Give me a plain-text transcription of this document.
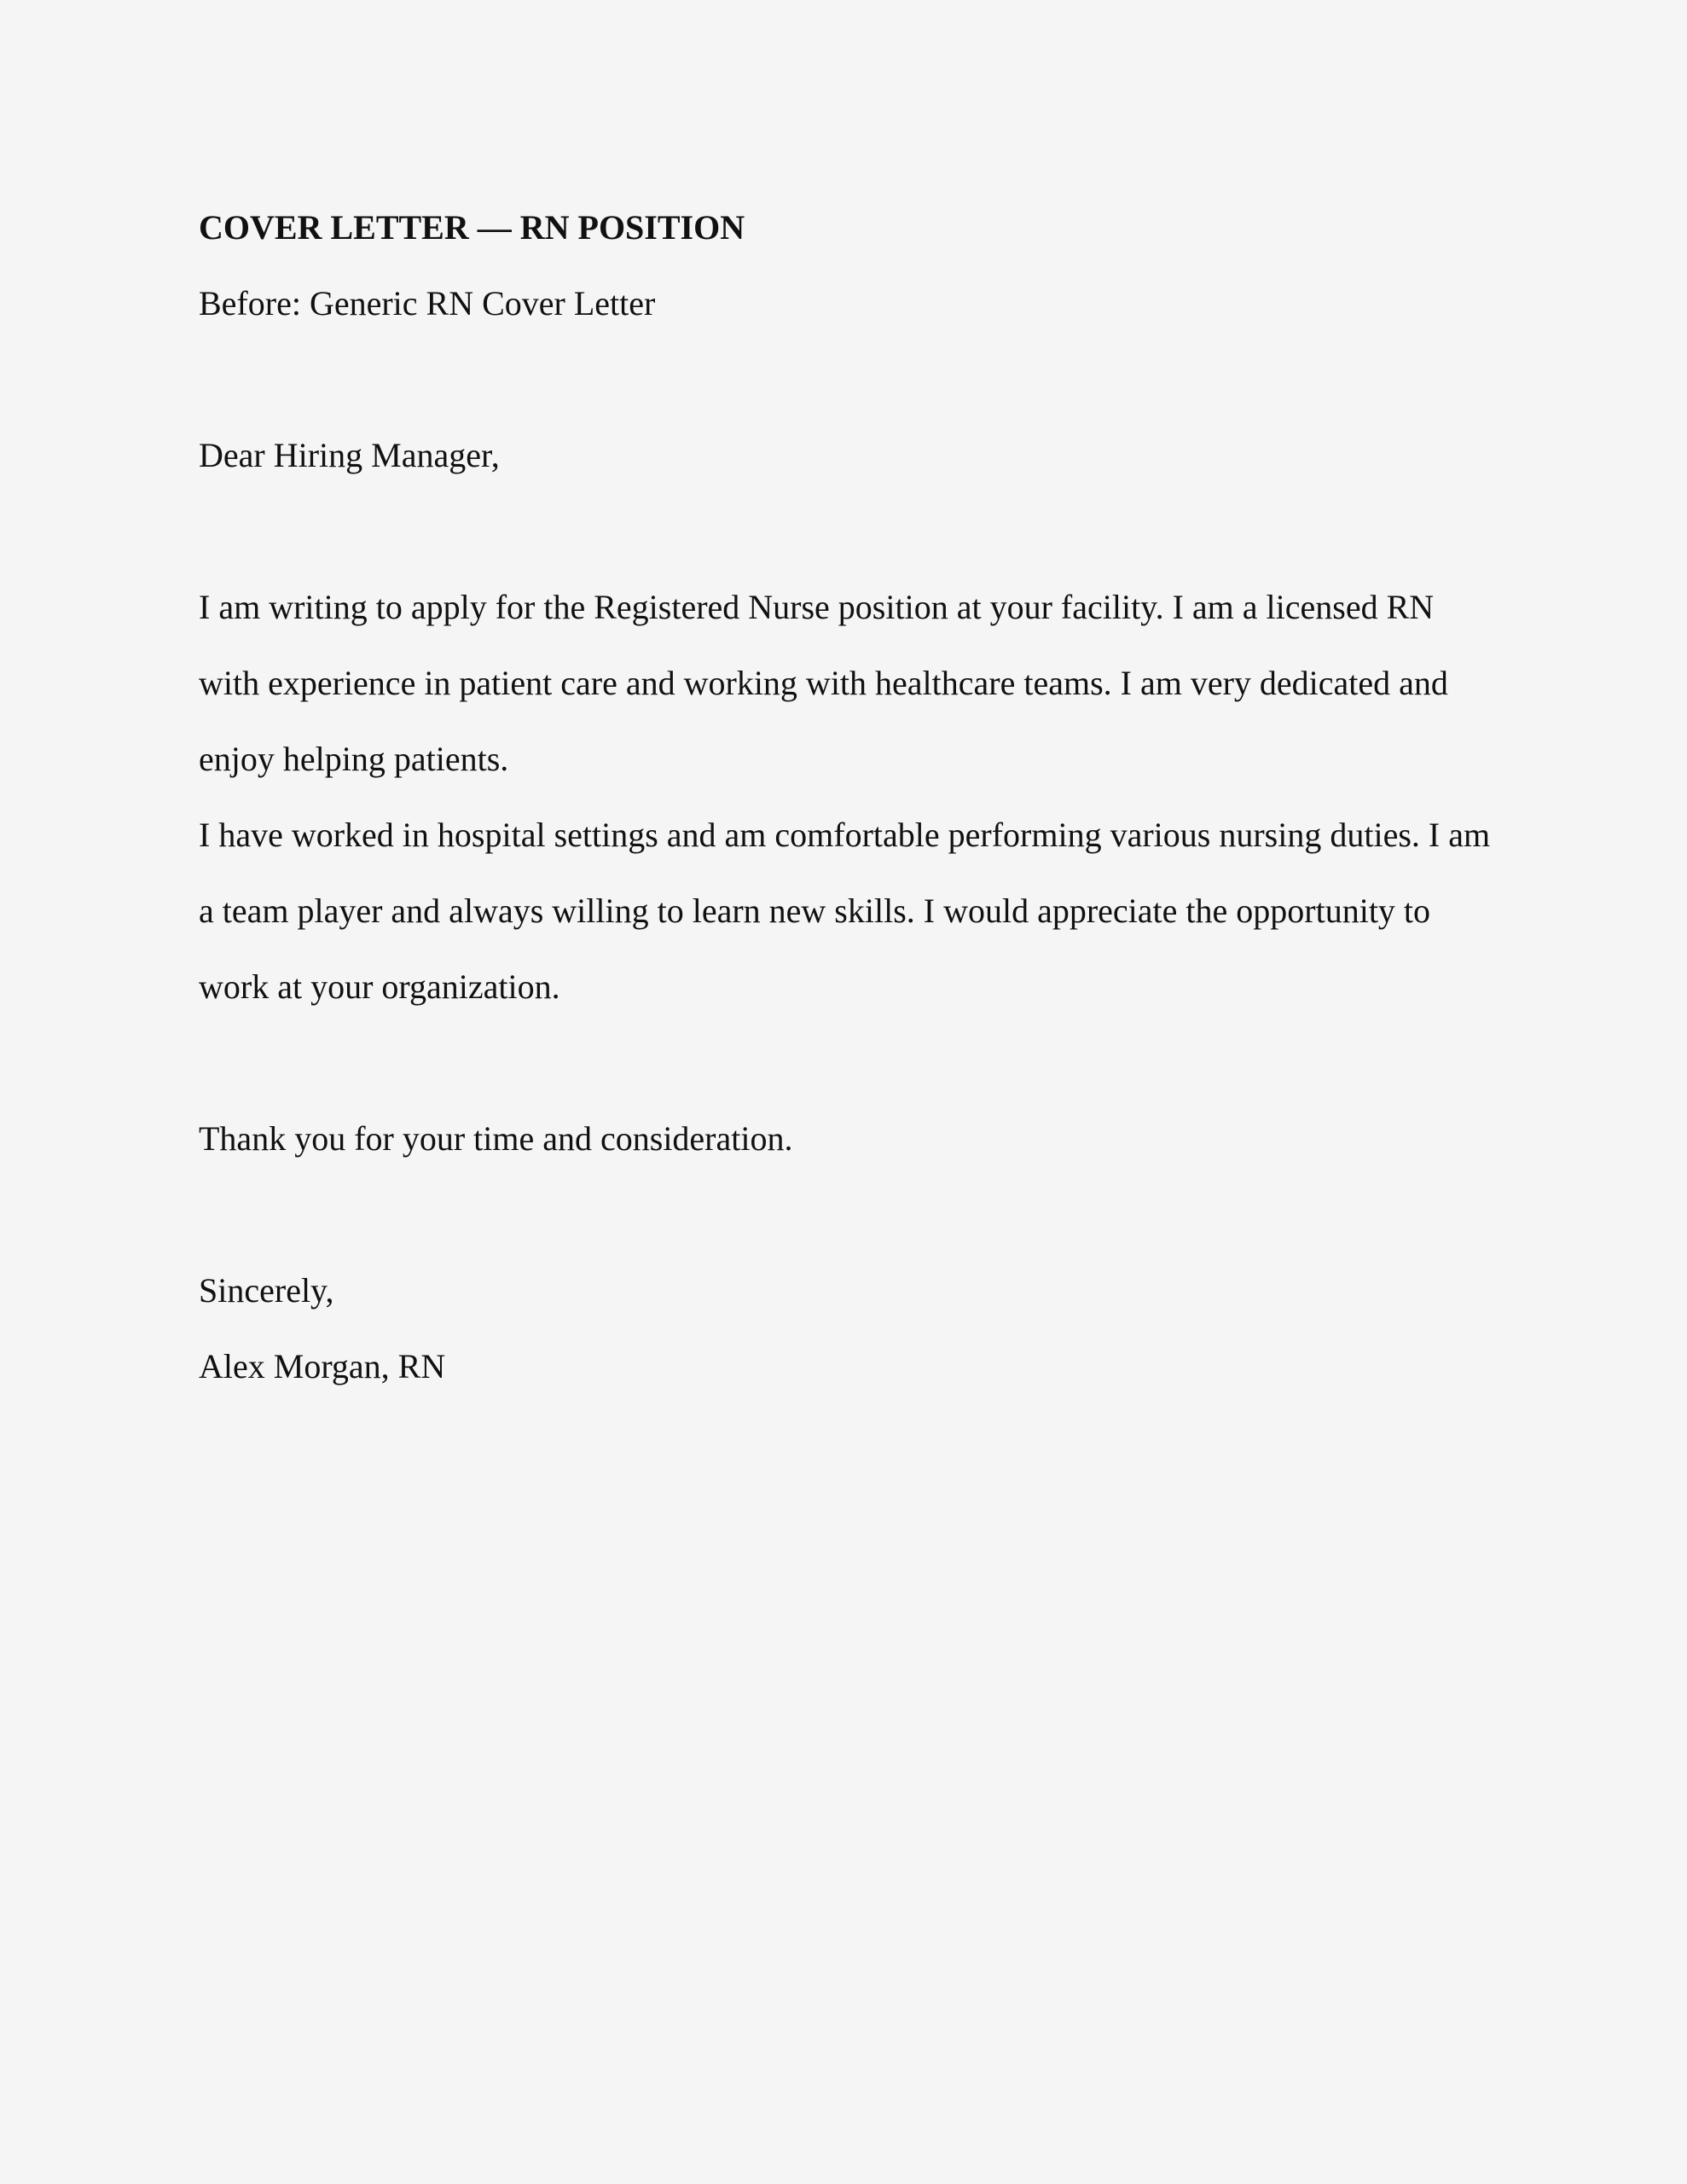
COVER LETTER — RN POSITION

Before: Generic RN Cover Letter

Dear Hiring Manager,

I am writing to apply for the Registered Nurse position at your facility. I am a licensed RN with experience in patient care and working with healthcare teams. I am very dedicated and enjoy helping patients.

I have worked in hospital settings and am comfortable performing various nursing duties. I am a team player and always willing to learn new skills. I would appreciate the opportunity to work at your organization.

Thank you for your time and consideration.

Sincerely,

Alex Morgan, RN
